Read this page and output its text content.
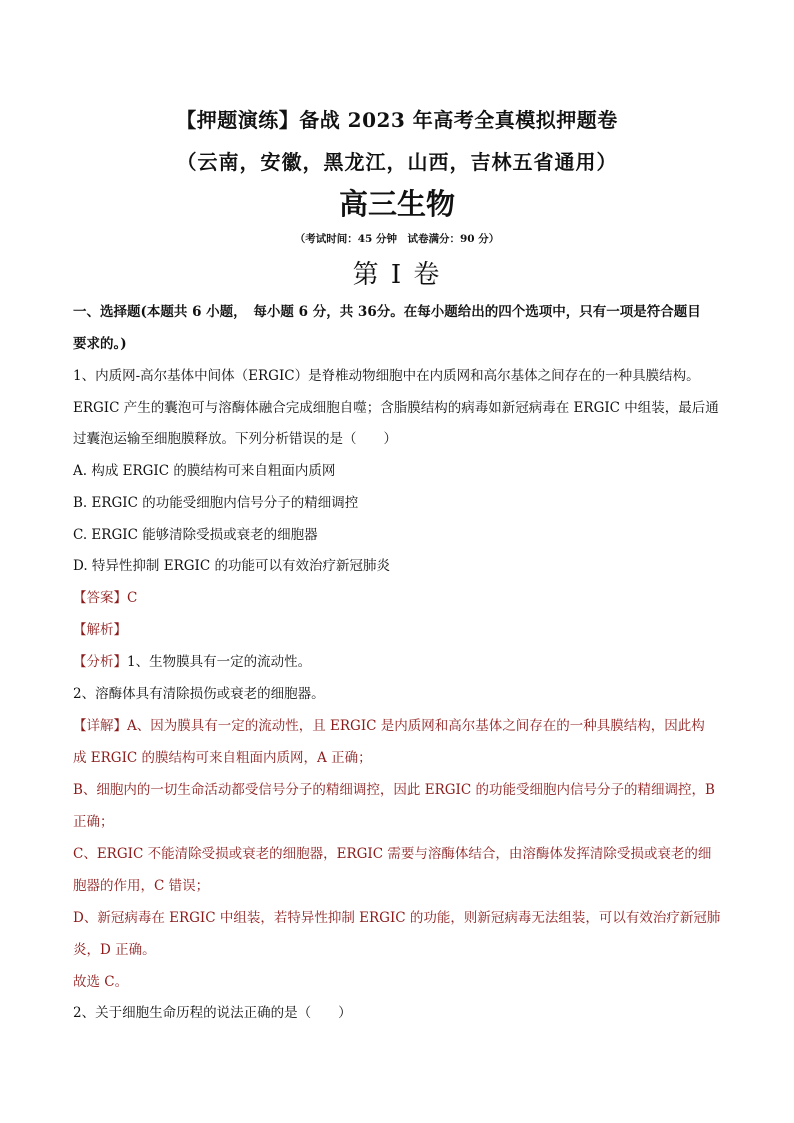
【押题演练】备战 2023 年高考全真模拟押题卷
（云南，安徽，黑龙江，山西，吉林五省通用）
高三生物
（考试时间：45 分钟　试卷满分：90 分）
第 I 卷
一、选择题(本题共 6 小题，　每小题 6 分，共 36分。在每小题给出的四个选项中，只有一项是符合题目
要求的。)
1、内质网-高尔基体中间体（ERGIC）是脊椎动物细胞中在内质网和高尔基体之间存在的一种具膜结构。
ERGIC 产生的囊泡可与溶酶体融合完成细胞自噬；含脂膜结构的病毒如新冠病毒在 ERGIC 中组装，最后通
过囊泡运输至细胞膜释放。下列分析错误的是（　　）
A. 构成 ERGIC 的膜结构可来自粗面内质网
B. ERGIC 的功能受细胞内信号分子的精细调控
C. ERGIC 能够清除受损或衰老的细胞器
D. 特异性抑制 ERGIC 的功能可以有效治疗新冠肺炎
【答案】C
【解析】
【分析】1、生物膜具有一定的流动性。
2、溶酶体具有清除损伤或衰老的细胞器。
【详解】A、因为膜具有一定的流动性，且 ERGIC 是内质网和高尔基体之间存在的一种具膜结构，因此构
成 ERGIC 的膜结构可来自粗面内质网，A 正确；
B、细胞内的一切生命活动都受信号分子的精细调控，因此 ERGIC 的功能受细胞内信号分子的精细调控，B
正确；
C、ERGIC 不能清除受损或衰老的细胞器，ERGIC 需要与溶酶体结合，由溶酶体发挥清除受损或衰老的细
胞器的作用，C 错误；
D、新冠病毒在 ERGIC 中组装，若特异性抑制 ERGIC 的功能，则新冠病毒无法组装，可以有效治疗新冠肺
炎，D 正确。
故选 C。
2、关于细胞生命历程的说法正确的是（　　）
